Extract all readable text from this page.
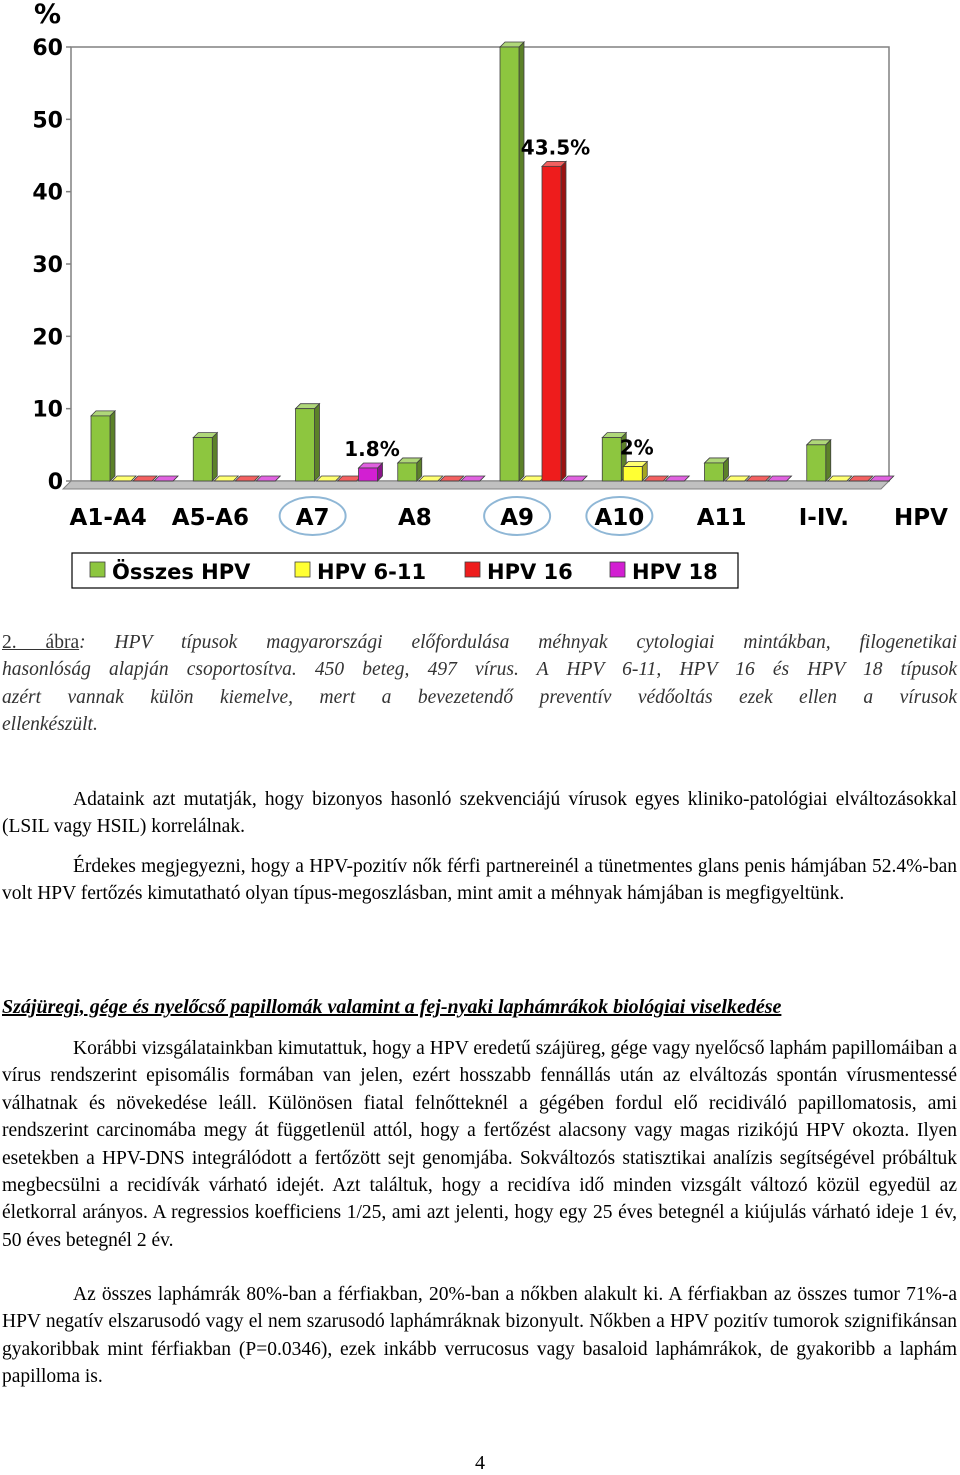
%
0
10
20
30
40
50
60
1.8%
43.5%
2%
A1-A4 A5-A6 A7	A8	A9	A10 A11 I-IV. HPV
Összes HPV	HPV 6-11	HPV 16	HPV 18
2. ábra: HPV típusok magyarországi előfordulása méhnyak cytologiai mintákban, filogenetikai
hasonlóság alapján csoportosítva. 450 beteg, 497 vírus. A HPV 6-11, HPV 16 és HPV 18 típusok
azért vannak külön kiemelve, mert a bevezetendő preventív védőoltás ezek ellen a vírusok
ellenkészült.
Adataink azt mutatják, hogy bizonyos hasonló szekvenciájú vírusok egyes kliniko-patológiai elváltozásokkal (LSIL vagy HSIL) korrelálnak.
Érdekes megjegyezni, hogy a HPV-pozitív nők férfi partnereinél a tünetmentes glans penis hámjában 52.4%-ban volt HPV fertőzés kimutatható olyan típus-megoszlásban, mint amit a méhnyak hámjában is megfigyeltünk.
Szájüregi, gége és nyelőcső papillomák valamint a fej-nyaki laphámrákok biológiai viselkedése
Korábbi vizsgálatainkban kimutattuk, hogy a HPV eredetű szájüreg, gége vagy nyelőcső laphám papillomáiban a vírus rendszerint episomális formában van jelen, ezért hosszabb fennállás után az elváltozás spontán vírusmentessé válhatnak és növekedése leáll. Különösen fiatal felnőtteknél a gégében fordul elő recidiváló papillomatosis, ami rendszerint carcinomába megy át függetlenül attól, hogy a fertőzést alacsony vagy magas rizikójú HPV okozta. Ilyen esetekben a HPV-DNS integrálódott a fertőzött sejt genomjába. Sokváltozós statisztikai analízis segítségével próbáltuk megbecsülni a recidívák várható idejét. Azt találtuk, hogy a recidíva idő minden vizsgált változó közül egyedül az életkorral arányos. A regressios koefficiens 1/25, ami azt jelenti, hogy egy 25 éves betegnél a kiújulás várható ideje 1 év, 50 éves betegnél 2 év.
Az összes laphámrák 80%-ban a férfiakban, 20%-ban a nőkben alakult ki. A férfiakban az összes tumor 71%-a HPV negatív elszarusodó vagy el nem szarusodó laphámráknak bizonyult. Nőkben a HPV pozitív tumorok szignifikánsan gyakoribbak mint férfiakban (P=0.0346), ezek inkább verrucosus vagy basaloid laphámrákok, de gyakoribb a laphám papilloma is.
4
